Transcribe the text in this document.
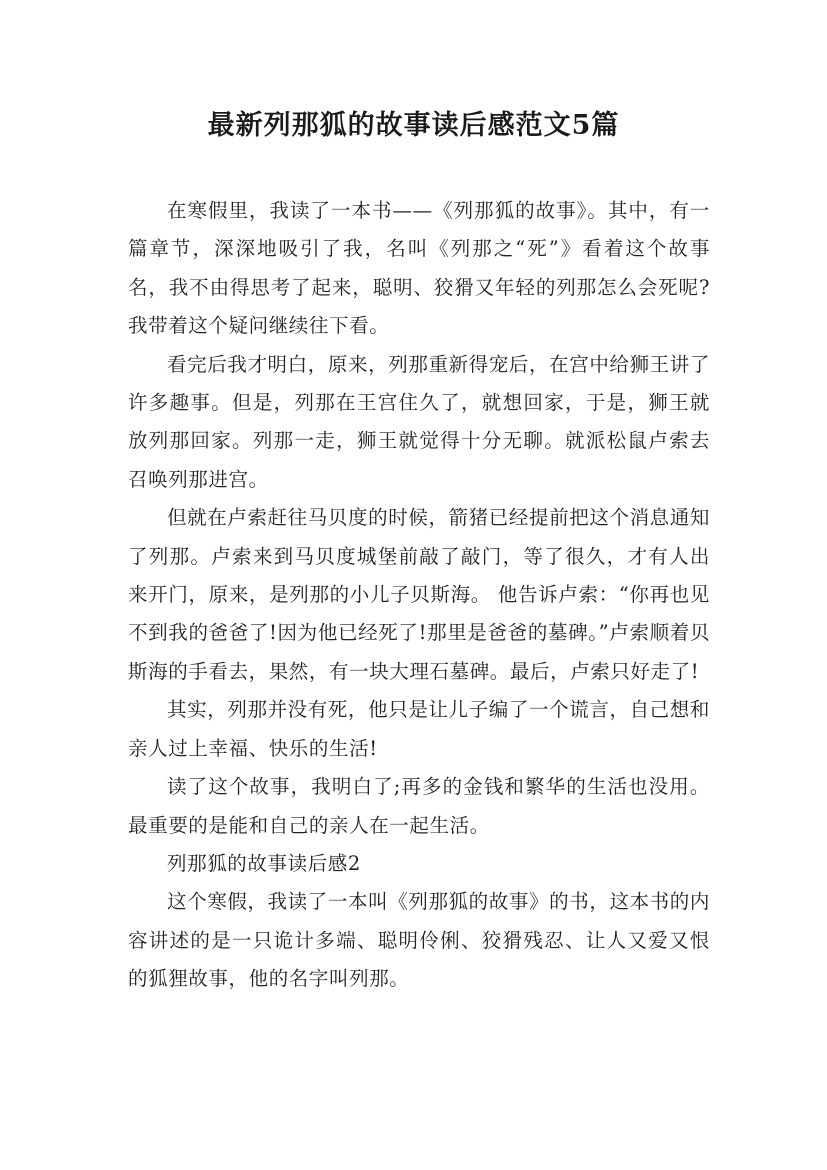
最新列那狐的故事读后感范文5篇

在寒假里，我读了一本书——《列那狐的故事》。其中，有一篇章节，深深地吸引了我，名叫《列那之“死”》看着这个故事名，我不由得思考了起来，聪明、狡猾又年轻的列那怎么会死呢?我带着这个疑问继续往下看。

看完后我才明白，原来，列那重新得宠后，在宫中给狮王讲了许多趣事。但是，列那在王宫住久了，就想回家，于是，狮王就放列那回家。列那一走，狮王就觉得十分无聊。就派松鼠卢索去召唤列那进宫。

但就在卢索赶往马贝度的时候，箭猪已经提前把这个消息通知了列那。卢索来到马贝度城堡前敲了敲门，等了很久，才有人出来开门，原来，是列那的小儿子贝斯海。 他告诉卢索：“你再也见不到我的爸爸了!因为他已经死了!那里是爸爸的墓碑。”卢索顺着贝斯海的手看去，果然，有一块大理石墓碑。最后，卢索只好走了!

其实，列那并没有死，他只是让儿子编了一个谎言，自己想和亲人过上幸福、快乐的生活!

读了这个故事，我明白了;再多的金钱和繁华的生活也没用。最重要的是能和自己的亲人在一起生活。

列那狐的故事读后感2

这个寒假，我读了一本叫《列那狐的故事》的书，这本书的内容讲述的是一只诡计多端、聪明伶俐、狡猾残忍、让人又爱又恨的狐狸故事，他的名字叫列那。
